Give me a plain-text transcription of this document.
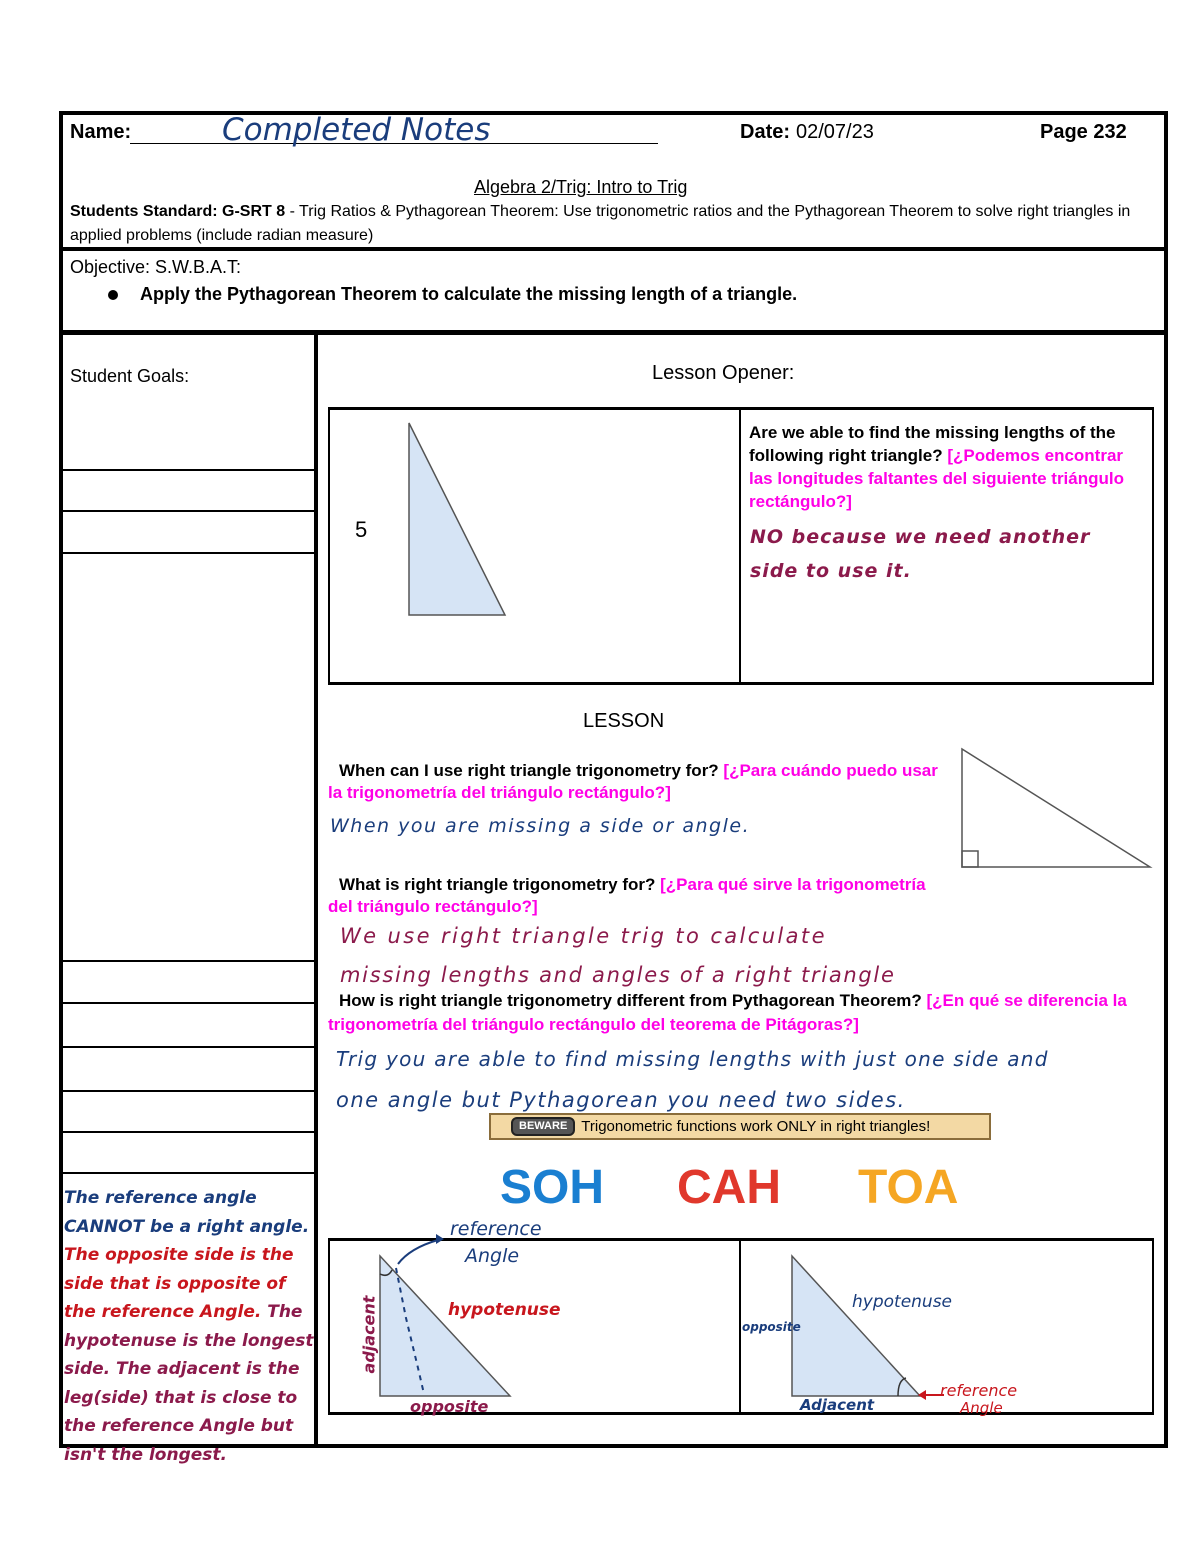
Name:	Completed Notes	Date: 02/07/23	Page 232
Algebra 2/Trig: Intro to Trig
Students Standard: G-SRT 8 - Trig Ratios & Pythagorean Theorem: Use trigonometric ratios and the Pythagorean Theorem to solve right triangles in applied problems (include radian measure)
Objective: S.W.B.A.T:
Apply the Pythagorean Theorem to calculate the missing length of a triangle.
Student Goals:
The reference angle CANNOT be a right angle. The opposite side is the side that is opposite of the reference Angle. The hypotenuse is the longest side. The adjacent is the leg(side) that is close to the reference Angle but isn't the longest.
Lesson Opener:
5
Are we able to find the missing lengths of the following right triangle? [¿Podemos encontrar las longitudes faltantes del siguiente triángulo rectángulo?]
NO because we need another
side to use it.
LESSON
When can I use right triangle trigonometry for? [¿Para cuándo puedo usar la trigonometría del triángulo rectángulo?]
When you are missing a side or angle.
What is right triangle trigonometry for? [¿Para qué sirve la trigonometría del triángulo rectángulo?]
We use right triangle trig to calculate
missing lengths and angles of a right triangle
How is right triangle trigonometry different from Pythagorean Theorem? [¿En qué se diferencia la trigonometría del triángulo rectángulo del teorema de Pitágoras?]
Trig you are able to find missing lengths with just one side and
one angle but Pythagorean you need two sides.
BEWARE Trigonometric functions work ONLY in right triangles!
SOH CAH TOA
reference
Angle
hypotenuse
adjacent
opposite
hypotenuse
opposite
Adjacent
reference
Angle
